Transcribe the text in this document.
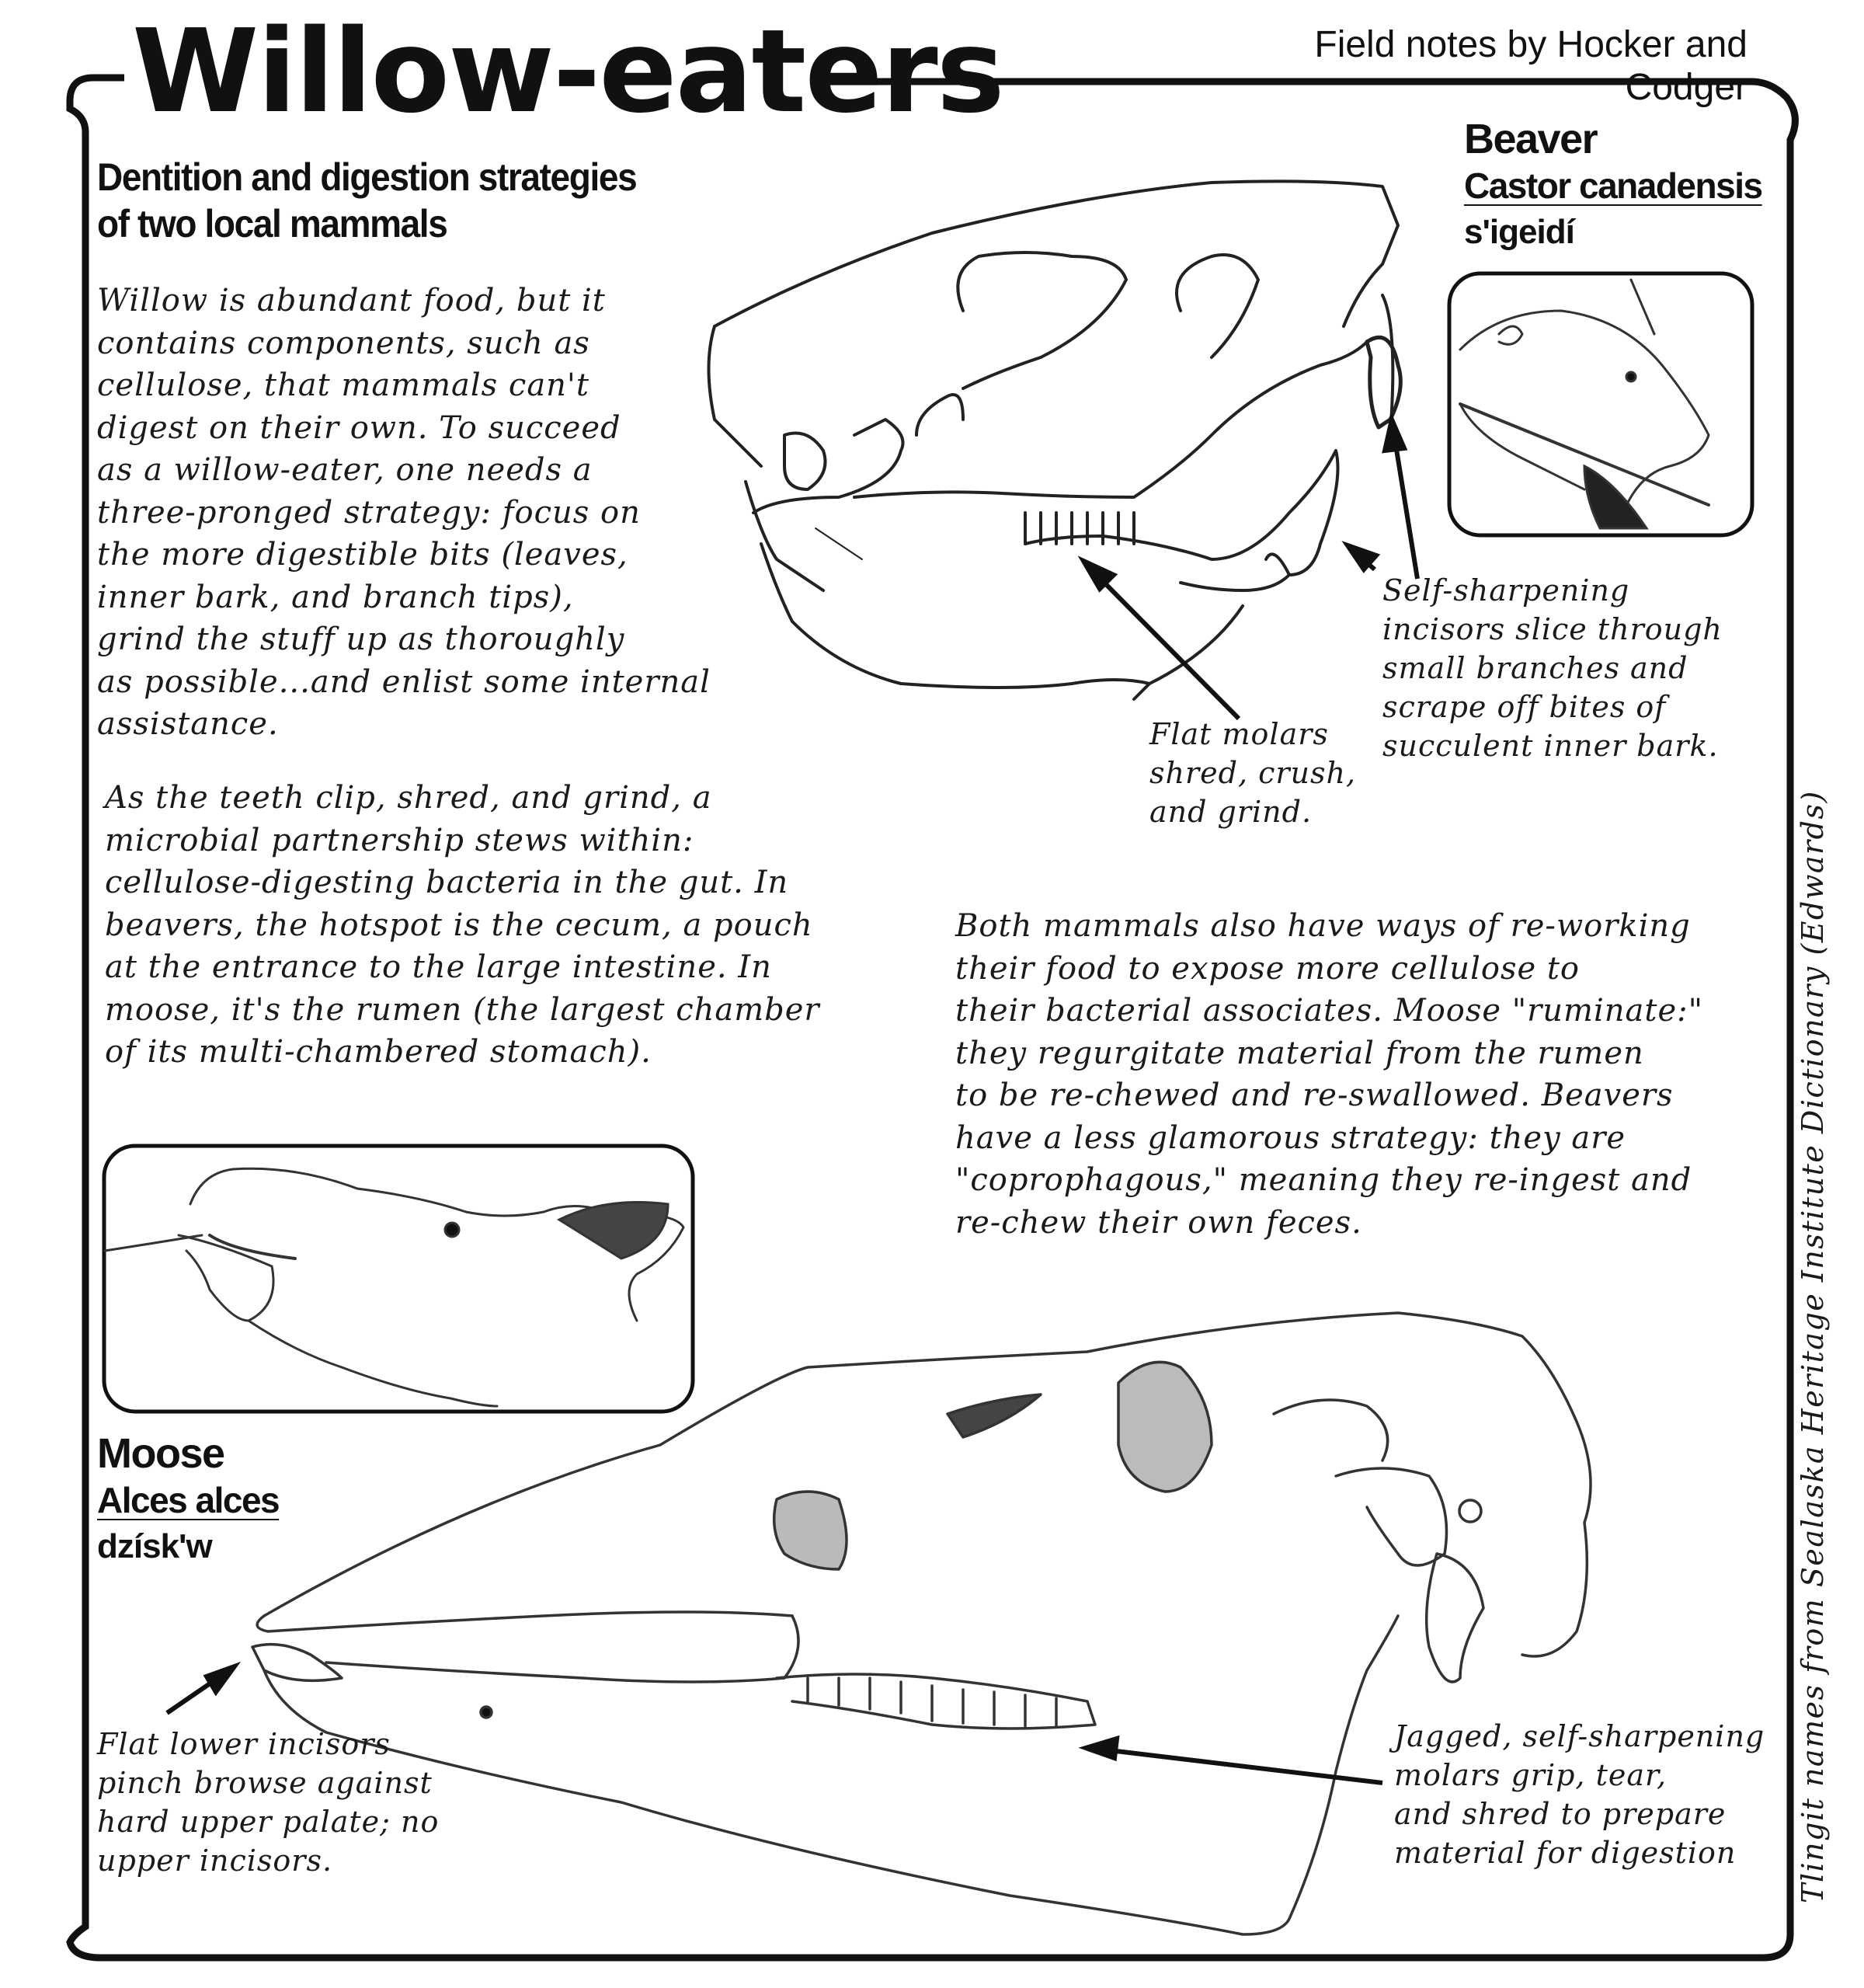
Willow-eaters	Field notes by Hocker and Codger
Dentition and digestion strategies
of two local mammals
Willow is abundant food, but it
contains components, such as
cellulose, that mammals can't
digest on their own. To succeed
as a willow-eater, one needs a
three-pronged strategy: focus on
the more digestible bits (leaves,
inner bark, and branch tips),
grind the stuff up as thoroughly
as possible...and enlist some internal
assistance.
As the teeth clip, shred, and grind, a
microbial partnership stews within:
cellulose-digesting bacteria in the gut. In
beavers, the hotspot is the cecum, a pouch
at the entrance to the large intestine. In
moose, it's the rumen (the largest chamber
of its multi-chambered stomach).
Both mammals also have ways of re-working
their food to expose more cellulose to
their bacterial associates. Moose "ruminate:"
they regurgitate material from the rumen
to be re-chewed and re-swallowed. Beavers
have a less glamorous strategy: they are
"coprophagous," meaning they re-ingest and
re-chew their own feces.
Beaver
Castor canadensis
s'igeidí
Flat molars
shred, crush,
and grind.
Self-sharpening
incisors slice through
small branches and
scrape off bites of
succulent inner bark.
Moose
Alces alces
dzísk'w
Flat lower incisors
pinch browse against
hard upper palate; no
upper incisors.
Jagged, self-sharpening
molars grip, tear,
and shred to prepare
material for digestion	Tlingit names from Sealaska Heritage Institute Dictionary (Edwards)
